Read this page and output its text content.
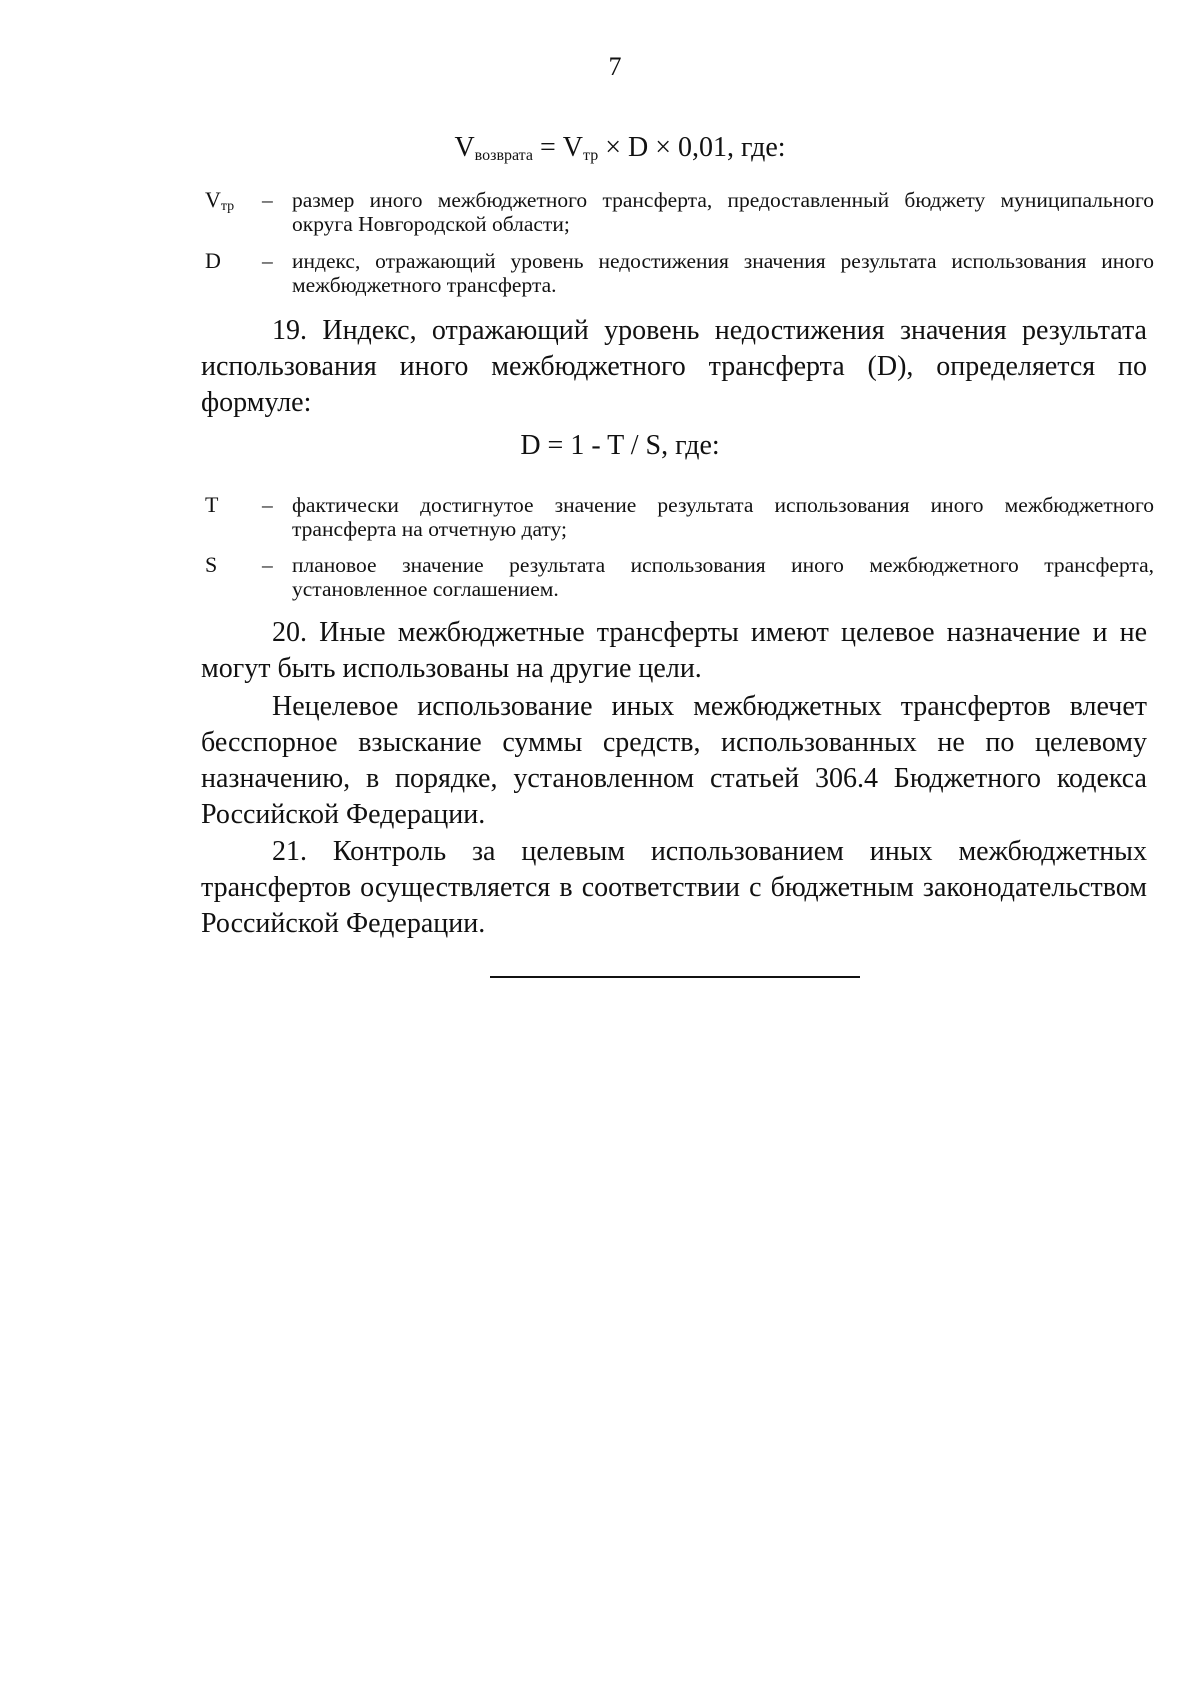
7
$V_{возврата} = V_{тр} \times D \times 0,01$, где:
$V_{тр}$ – размер иного межбюджетного трансферта, предоставленный бюджету муниципального округа Новгородской области;
D – индекс, отражающий уровень недостижения значения результата использования иного межбюджетного трансферта.

19. Индекс, отражающий уровень недостижения значения результата использования иного межбюджетного трансферта (D), определяется по формуле:

D = 1 - T / S, где:
T – фактически достигнутое значение результата использования иного межбюджетного трансферта на отчетную дату;
S – плановое значение результата использования иного межбюджетного трансферта, установленное соглашением.

20. Иные межбюджетные трансферты имеют целевое назначение и не могут быть использованы на другие цели.

Нецелевое использование иных межбюджетных трансфертов влечет бесспорное взыскание суммы средств, использованных не по целевому назначению, в порядке, установленном статьей 306.4 Бюджетного кодекса Российской Федерации.

21. Контроль за целевым использованием иных межбюджетных трансфертов осуществляется в соответствии с бюджетным законодательством Российской Федерации.
